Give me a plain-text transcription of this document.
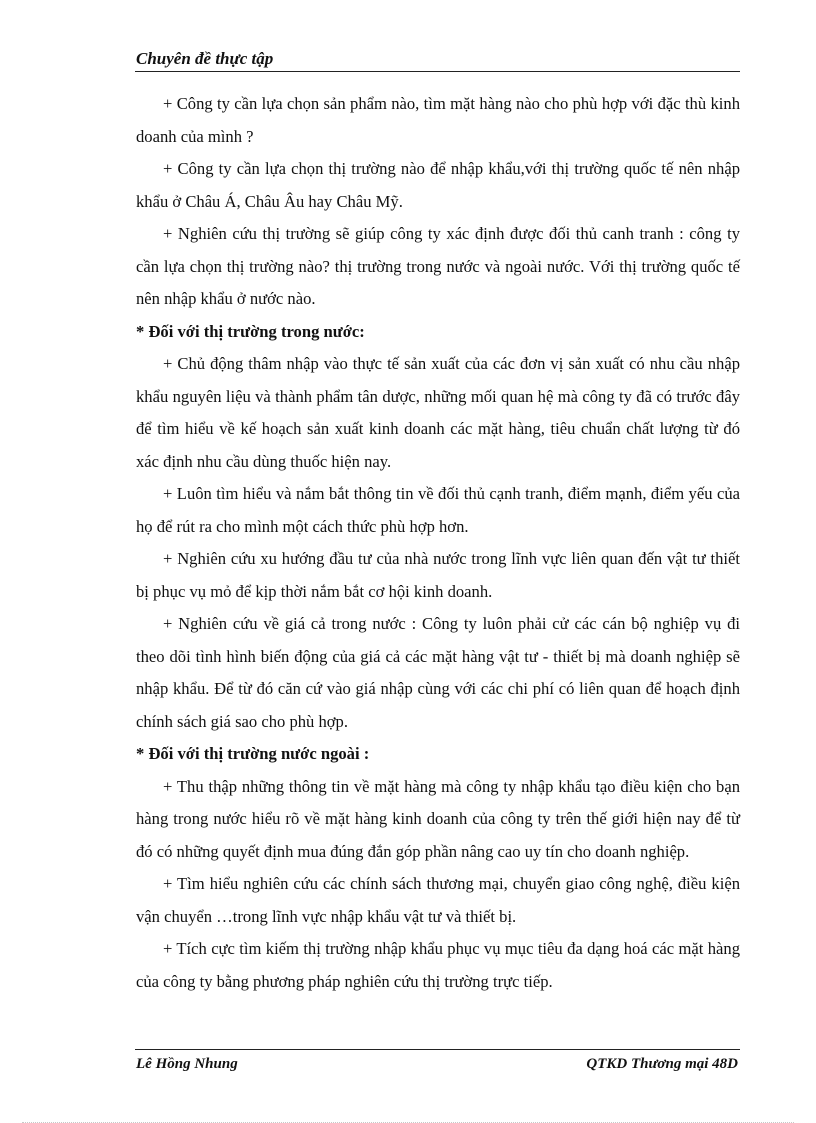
Chuyên đề thực tập

+ Công ty cần lựa chọn sản phẩm nào, tìm mặt hàng nào cho phù hợp với đặc thù kinh doanh của mình ?

+ Công ty cần lựa chọn thị trường nào để nhập khẩu,với thị trường quốc tế nên nhập khẩu ở Châu Á, Châu Âu hay Châu Mỹ.

+ Nghiên cứu thị trường sẽ giúp công ty xác định được đối thủ canh tranh : công ty cần lựa chọn thị trường nào? thị trường trong nước và ngoài nước. Với thị trường quốc tế nên nhập khẩu ở nước nào.

* Đối với thị trường trong nước:

+ Chủ động thâm nhập vào thực tế sản xuất của các đơn vị sản xuất có nhu cầu nhập khẩu nguyên liệu và thành phẩm tân dược, những mối quan hệ mà công ty đã có trước đây để tìm hiểu về kế hoạch sản xuất kinh doanh các mặt hàng, tiêu chuẩn chất lượng từ đó xác định nhu cầu dùng thuốc hiện nay.

+ Luôn tìm hiểu và nắm bắt thông tin về đối thủ cạnh tranh, điểm mạnh, điểm yếu của họ để rút ra cho mình một cách thức phù hợp hơn.

+ Nghiên cứu xu hướng đầu tư của nhà nước trong lĩnh vực liên quan đến vật tư thiết bị phục vụ mỏ để kịp thời nắm bắt cơ hội kinh doanh.

+ Nghiên cứu về giá cả trong nước : Công ty luôn phải cử các cán bộ nghiệp vụ đi theo dõi tình hình biến động của giá cả các mặt hàng vật tư - thiết bị mà doanh nghiệp sẽ nhập khẩu. Để từ đó căn cứ vào giá nhập cùng với các chi phí có liên quan để hoạch định chính sách giá sao cho phù hợp.

* Đối với thị trường nước ngoài :

+ Thu thập những thông tin về mặt hàng mà công ty nhập khẩu tạo điều kiện cho bạn hàng trong nước hiểu rõ về mặt hàng kinh doanh của công ty trên thế giới hiện nay để từ đó có những quyết định mua đúng đắn góp phần nâng cao uy tín cho doanh nghiệp.

+ Tìm hiểu nghiên cứu các chính sách thương mại, chuyển giao công nghệ, điều kiện vận chuyển …trong lĩnh vực nhập khẩu vật tư và thiết bị.

+ Tích cực tìm kiếm thị trường nhập khẩu phục vụ mục tiêu đa dạng hoá các mặt hàng của công ty bằng phương pháp nghiên cứu thị trường trực tiếp.

Lê Hồng Nhung	QTKD Thương mại 48D
